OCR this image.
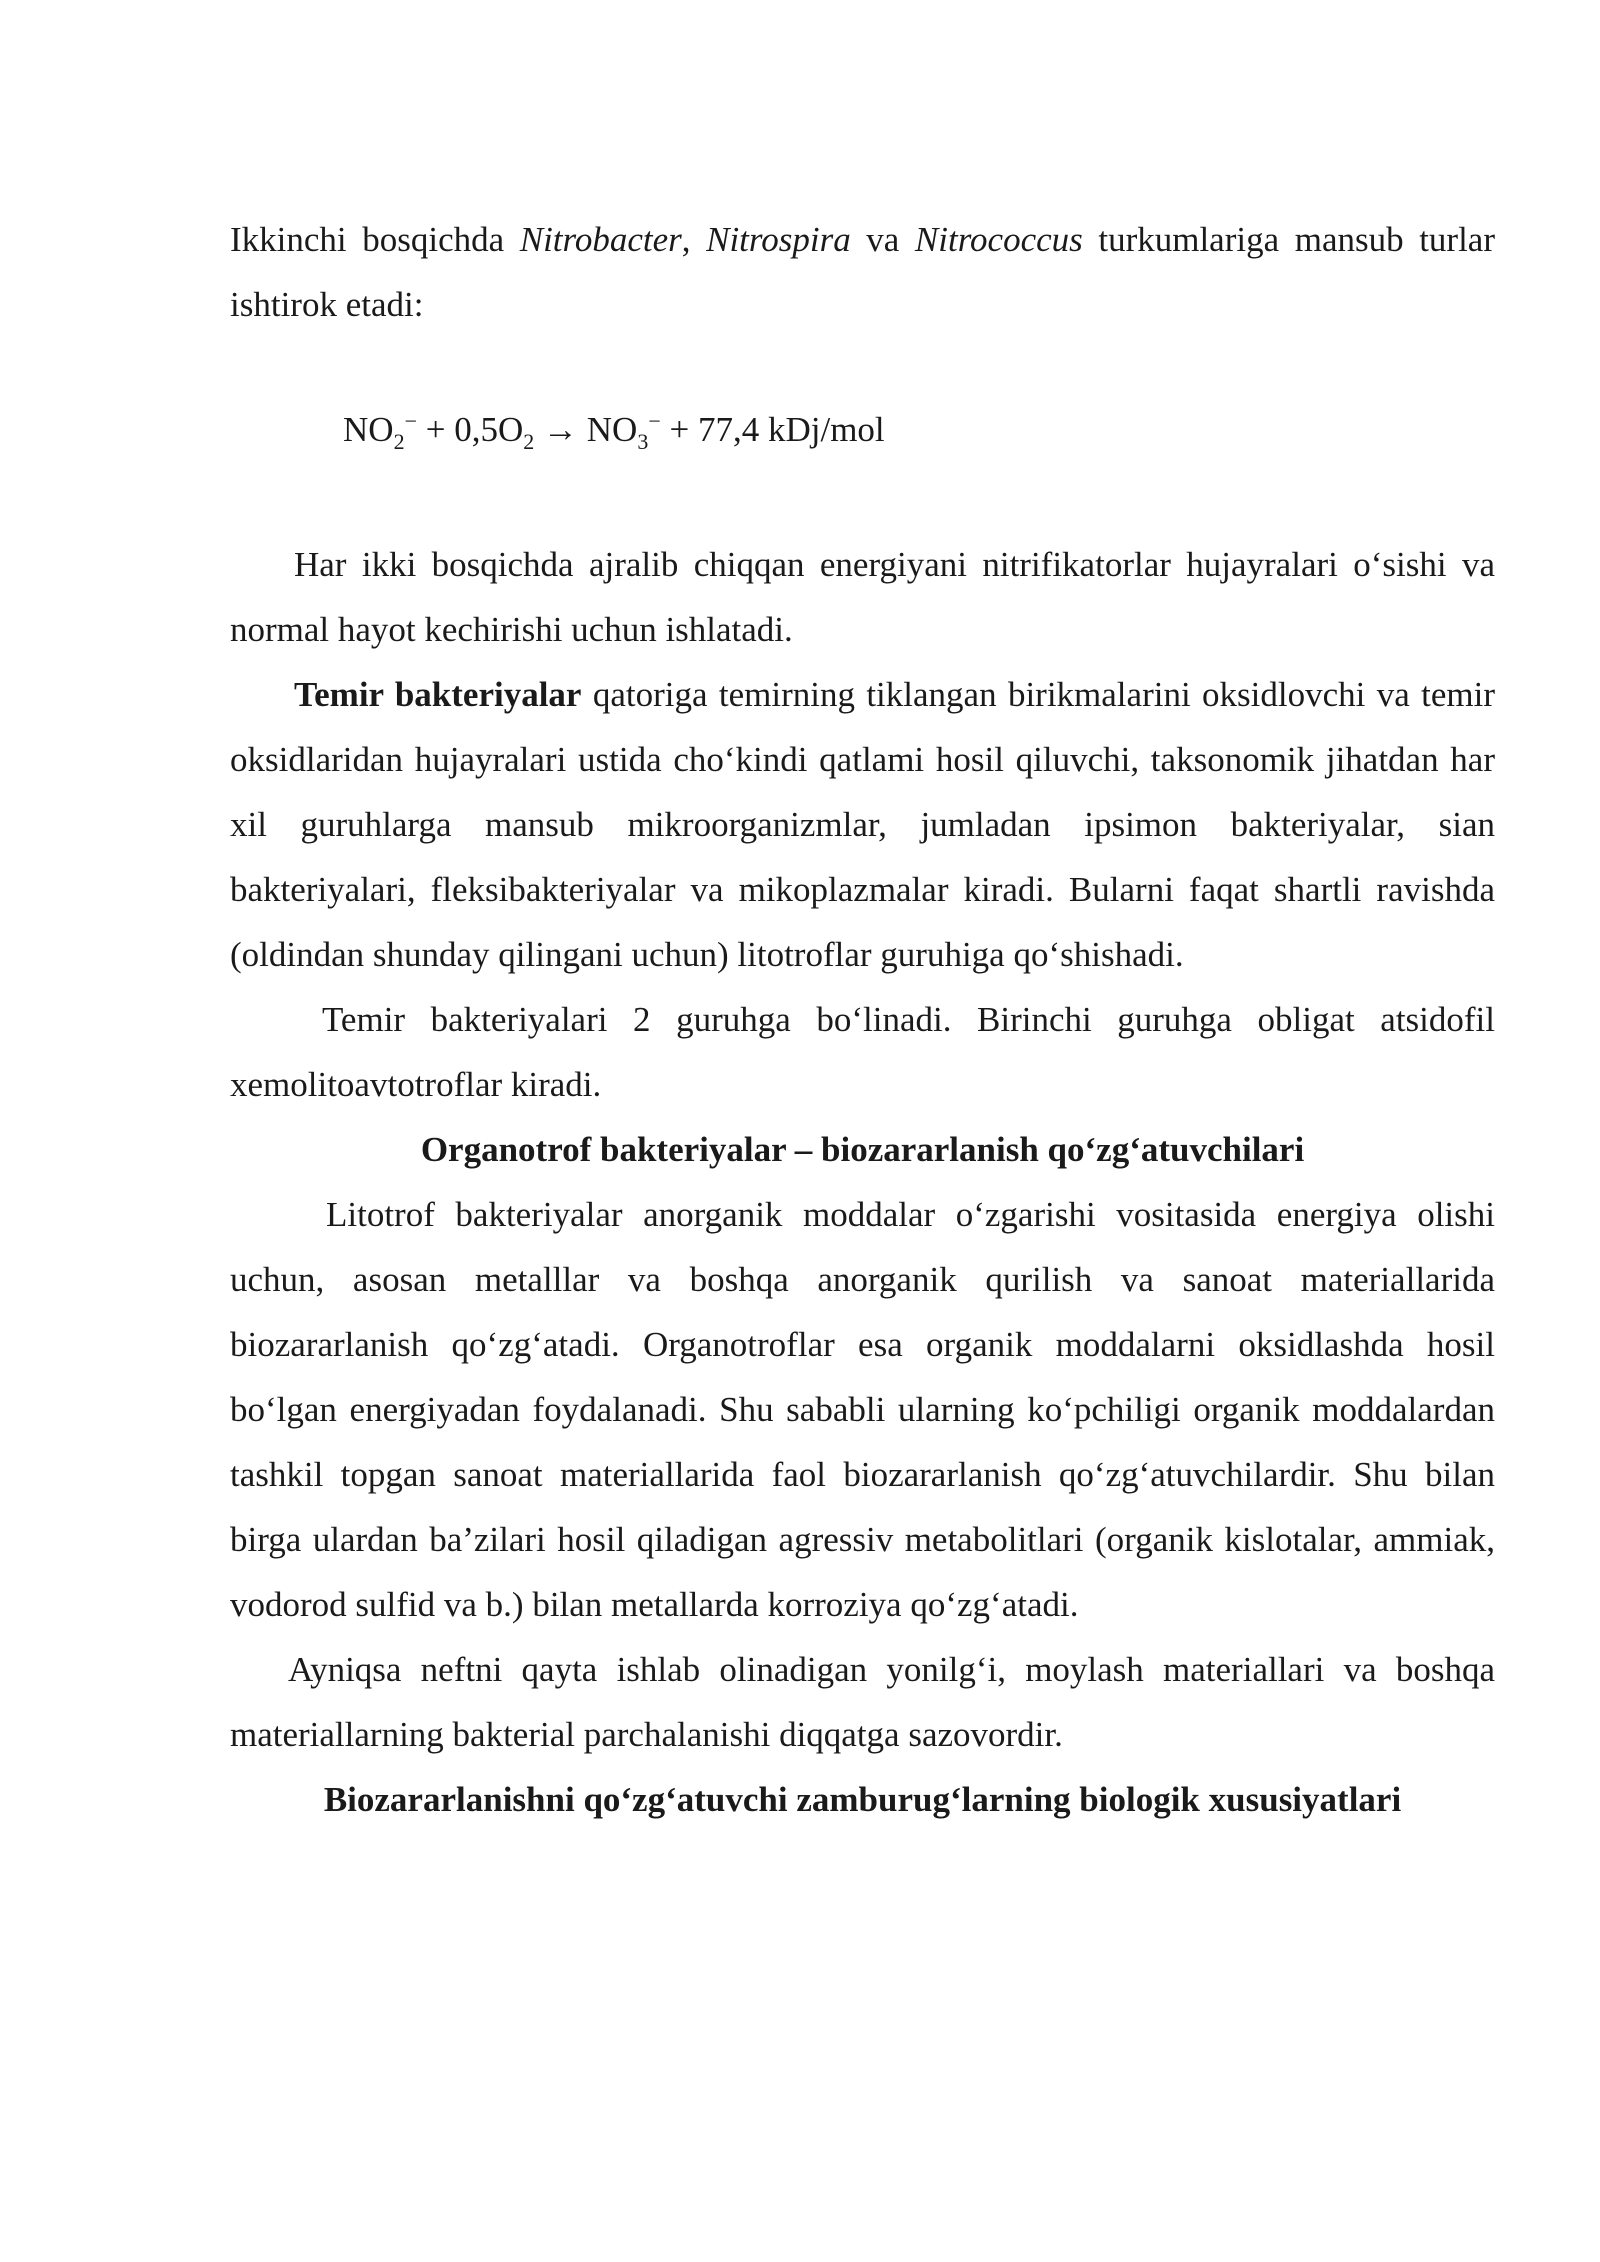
Ikkinchi bosqichda Nitrobacter, Nitrospira va Nitrococcus turkumlariga mansub turlar ishtirok etadi:

$NO_2^- + 0,5O_2 \to NO_3^- + 77,4$ kDj/mol

Har ikki bosqichda ajralib chiqqan energiyani nitrifikatorlar hujayralari o‘sishi va normal hayot kechirishi uchun ishlatadi.

Temir bakteriyalar qatoriga temirning tiklangan birikmalarini oksidlovchi va temir oksidlaridan hujayralari ustida cho‘kindi qatlami hosil qiluvchi, taksonomik jihatdan har xil guruhlarga mansub mikroorganizmlar, jumladan ipsimon bakteriyalar, sian bakteriyalari, fleksibakteriyalar va mikoplazmalar kiradi. Bularni faqat shartli ravishda (oldindan shunday qilingani uchun) litotroflar guruhiga qo‘shishadi.

Temir bakteriyalari 2 guruhga bo‘linadi. Birinchi guruhga obligat atsidofil xemolitoavtotroflar kiradi.

Organotrof bakteriyalar – biozararlanish qo‘zg‘atuvchilari

Litotrof bakteriyalar anorganik moddalar o‘zgarishi vositasida energiya olishi uchun, asosan metalllar va boshqa anorganik qurilish va sanoat materiallarida biozararlanish qo‘zg‘atadi. Organotroflar esa organik moddalarni oksidlashda hosil bo‘lgan energiyadan foydalanadi. Shu sababli ularning ko‘pchiligi organik moddalardan tashkil topgan sanoat materiallarida faol biozararlanish qo‘zg‘atuvchilardir. Shu bilan birga ulardan ba’zilari hosil qiladigan agressiv metabolitlari (organik kislotalar, ammiak, vodorod sulfid va b.) bilan metallarda korroziya qo‘zg‘atadi.

Ayniqsa neftni qayta ishlab olinadigan yonilg‘i, moylash materiallari va boshqa materiallarning bakterial parchalanishi diqqatga sazovordir.

Biozararlanishni qo‘zg‘atuvchi zamburug‘larning biologik xususiyatlari
